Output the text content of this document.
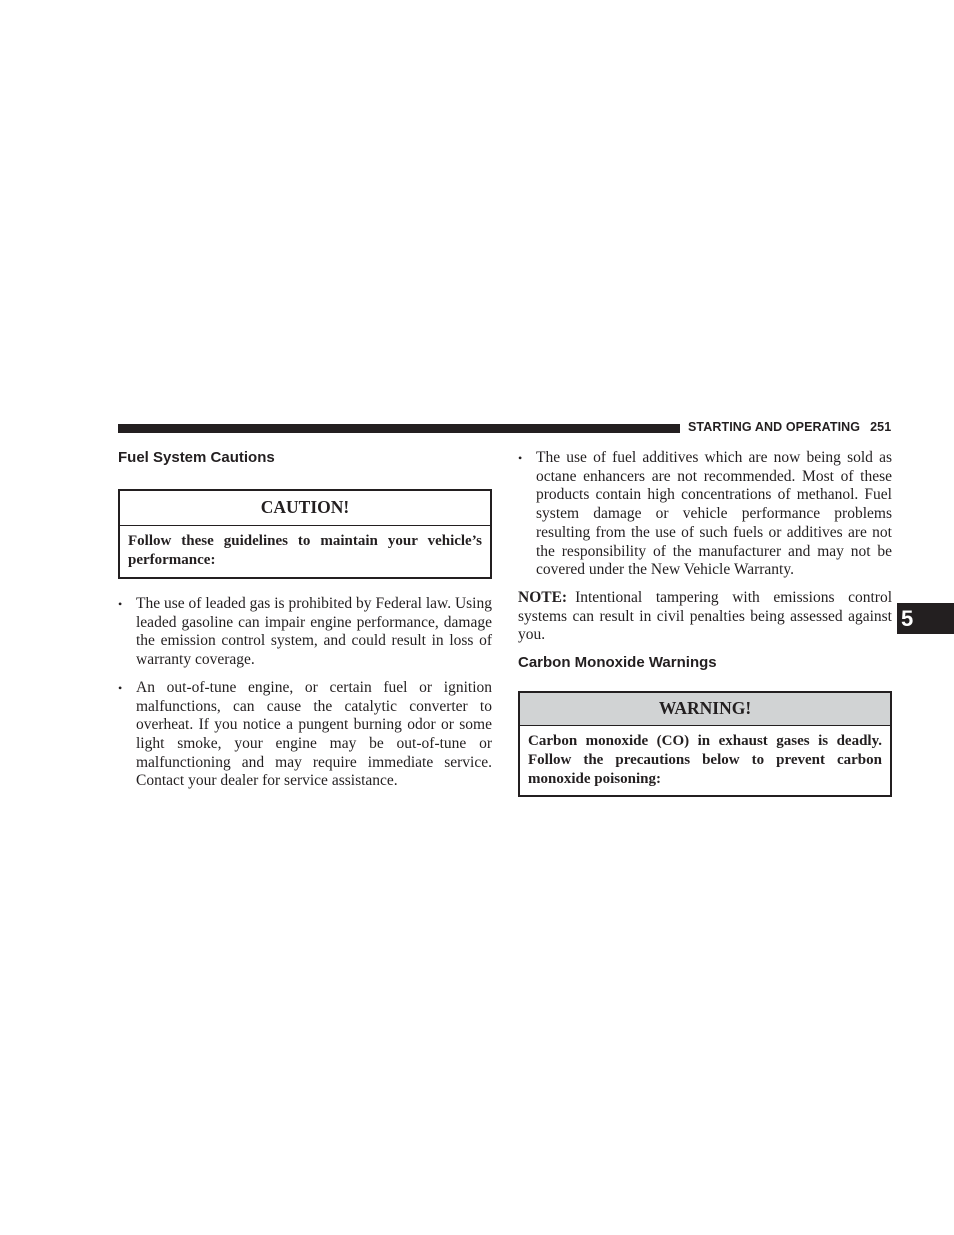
STARTING AND OPERATING 251
5
Fuel System Cautions
CAUTION!
Follow these guidelines to maintain your vehicle’s performance:
• The use of leaded gas is prohibited by Federal law. Using leaded gasoline can impair engine performance, damage the emission control system, and could result in loss of warranty coverage.
• An out-of-tune engine, or certain fuel or ignition malfunctions, can cause the catalytic converter to overheat. If you notice a pungent burning odor or some light smoke, your engine may be out-of-tune or malfunctioning and may require immediate service. Contact your dealer for service assistance.
• The use of fuel additives which are now being sold as octane enhancers are not recommended. Most of these products contain high concentrations of methanol. Fuel system damage or vehicle performance problems resulting from the use of such fuels or additives are not the responsibility of the manufacturer and may not be covered under the New Vehicle Warranty.

NOTE: Intentional tampering with emissions control systems can result in civil penalties being assessed against you.

Carbon Monoxide Warnings
WARNING!
Carbon monoxide (CO) in exhaust gases is deadly. Follow the precautions below to prevent carbon monoxide poisoning:
